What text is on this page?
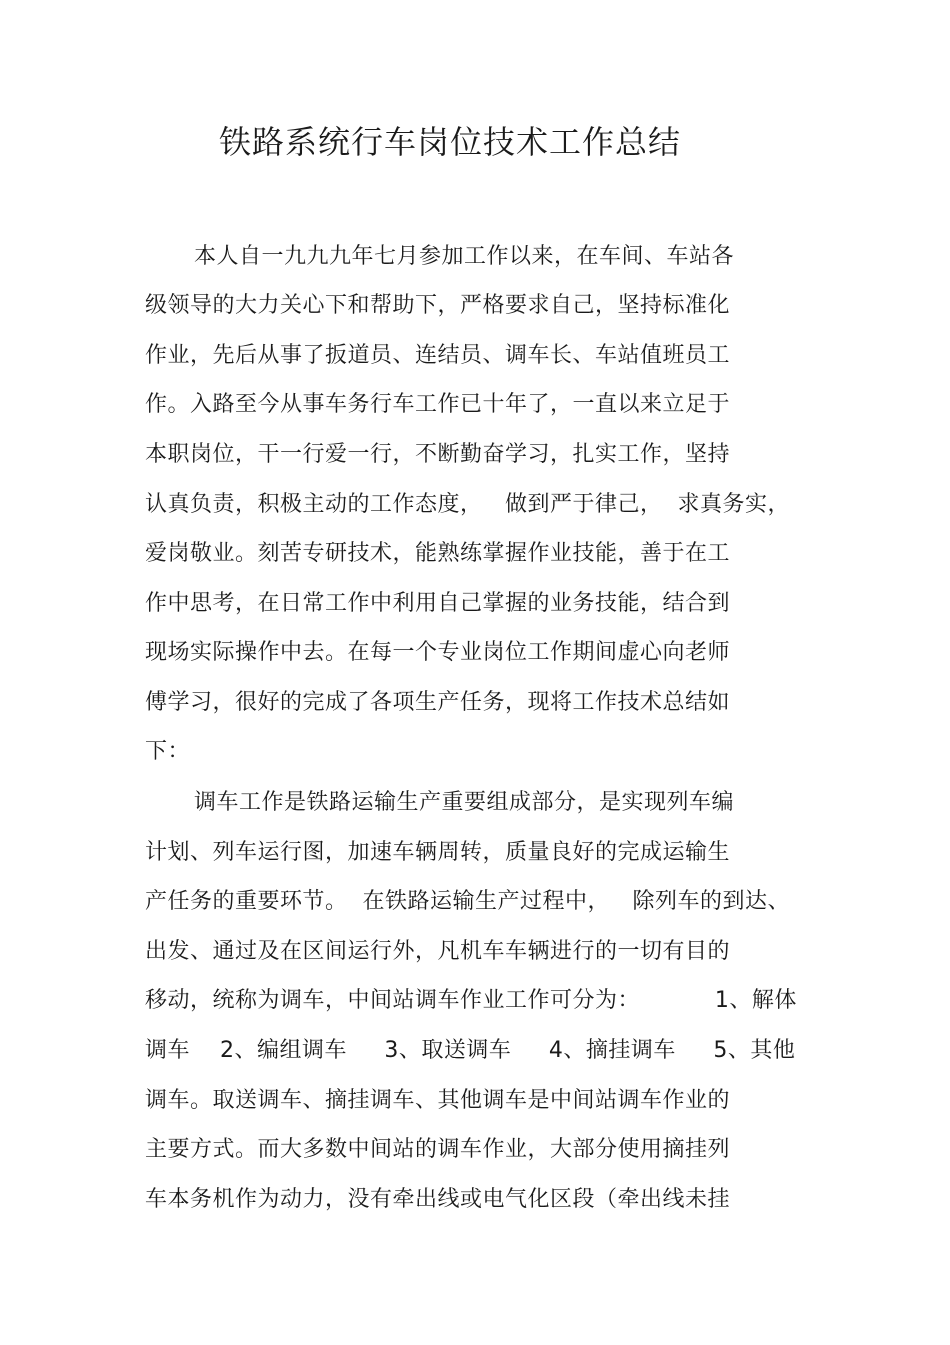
铁路系统行车岗位技术工作总结
本人自一九九九年七月参加工作以来，在车间、车站各
级领导的大力关心下和帮助下，严格要求自己，坚持标准化
作业，先后从事了扳道员、连结员、调车长、车站值班员工
作。入路至今从事车务行车工作已十年了，一直以来立足于
本职岗位，干一行爱一行，不断勤奋学习，扎实工作，坚持
认真负责，积极主动的工作态度，   做到严于律己，  求真务实，
爱岗敬业。刻苦专研技术，能熟练掌握作业技能，善于在工
作中思考，在日常工作中利用自己掌握的业务技能，结合到
现场实际操作中去。在每一个专业岗位工作期间虚心向老师
傅学习，很好的完成了各项生产任务，现将工作技术总结如
下：
调车工作是铁路运输生产重要组成部分，是实现列车编
计划、列车运行图，加速车辆周转，质量良好的完成运输生
产任务的重要环节。  在铁路运输生产过程中，   除列车的到达、
出发、通过及在区间运行外，凡机车车辆进行的一切有目的
移动，统称为调车，中间站调车作业工作可分为：          1、解体
调车    2、编组调车     3、取送调车     4、摘挂调车     5、其他
调车。取送调车、摘挂调车、其他调车是中间站调车作业的
主要方式。而大多数中间站的调车作业，大部分使用摘挂列
车本务机作为动力，没有牵出线或电气化区段（牵出线未挂
